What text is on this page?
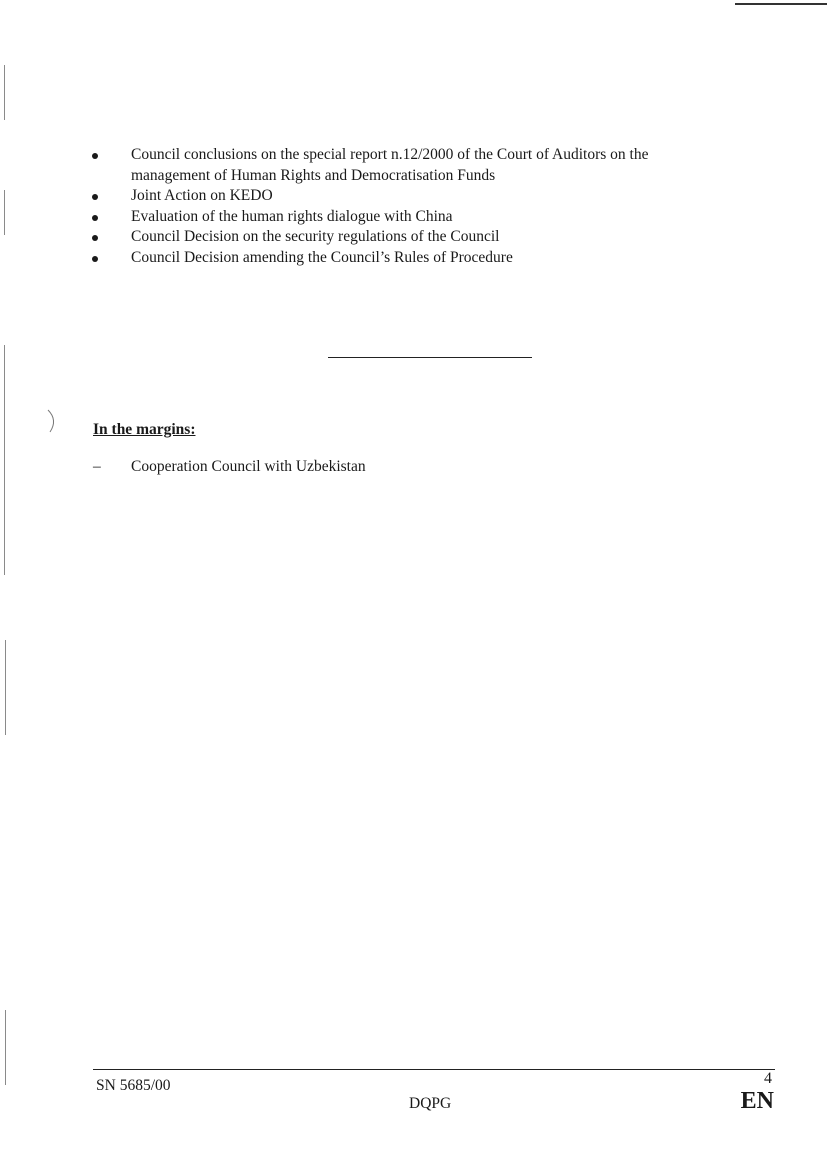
Council conclusions on the special report n.12/2000 of the Court of Auditors on the management of Human Rights and Democratisation Funds
Joint Action on KEDO
Evaluation of the human rights dialogue with China
Council Decision on the security regulations of the Council
Council Decision amending the Council’s Rules of Procedure
In the margins:
– Cooperation Council with Uzbekistan
SN 5685/00
DQPG
4
EN
